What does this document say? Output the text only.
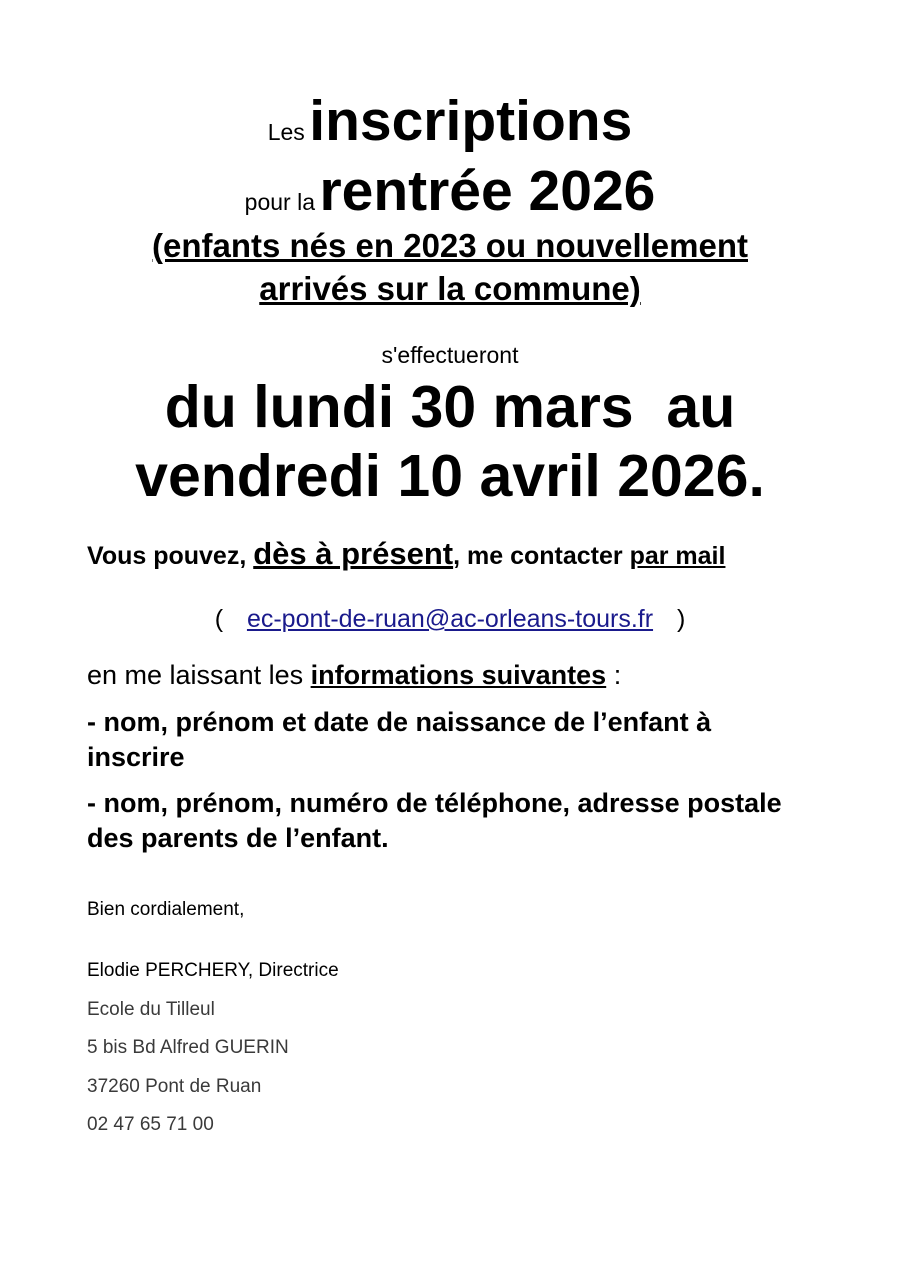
Les inscriptions
pour la rentrée 2026
(enfants nés en 2023 ou nouvellement
arrivés sur la commune)
s'effectueront
du lundi 30 mars  au
vendredi 10 avril 2026.
Vous pouvez, dès à présent, me contacter par mail
( ec-pont-de-ruan@ac-orleans-tours.fr )
en me laissant les informations suivantes :
- nom, prénom et date de naissance de l’enfant à inscrire
- nom, prénom, numéro de téléphone, adresse postale des parents de l’enfant.
Bien cordialement,
Elodie PERCHERY, Directrice
Ecole du Tilleul
5 bis Bd Alfred GUERIN
37260 Pont de Ruan
02 47 65 71 00
